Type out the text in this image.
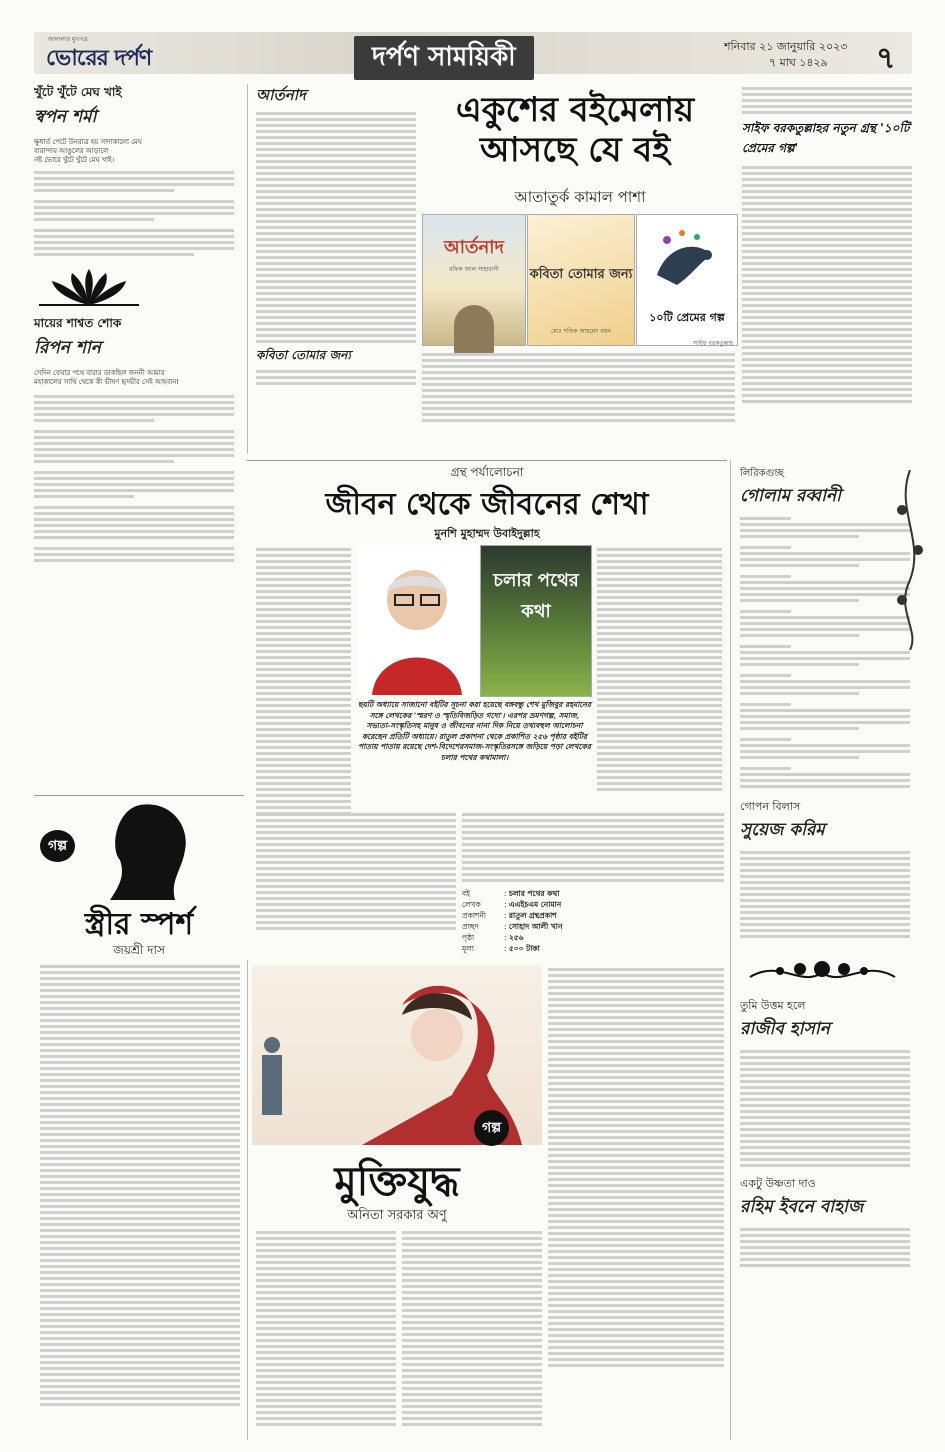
জানালার মুখপত্র
ভোরের দর্পণ	দর্পণ সাময়িকী	শনিবার ২১ জানুয়ারি ২০২৩
৭ মাঘ ১৪২৯ ৭
খুঁটে খুঁটে মেঘ খাই
স্বপন শর্মা
ক্ষুধার্ত পেটে উনরাত্র হয় সাদাকালো মেঘ
বারান্দায় আঙুলের আড়ালে
নষ্ট ভোরে খুঁটে খুঁটে মেঘ খাই।
মায়ের শাশ্বত শোক
রিপন শান
সেদিন ফেরার পথে বাবার ডাকছিল জননী আমার
মহাকালের সাথি থেকে কী ভীষণ হৃদয়ীর সেই আহবান!
আর্তনাদ
কবিতা তোমার জন্য
একুশের বইমেলায়
আসছে যে বই
আতাতুর্ক কামাল পাশা
আর্তনাদ
রফিক আল সাহারানী	কবিতা তোমার জন্য
মোঃ শফিক আহমেদ নয়ন
১০টি প্রেমের গল্প
সাইফ বরকতুল্লাহ
সাইফ বরকতুল্লাহর নতুন গ্রন্থ '১০টি প্রেমের গল্প'
গ্রন্থ পর্যালোচনা
জীবন থেকে জীবনের শেখা
মুনশি মুহাম্মদ উবাইদুল্লাহ
চলার পথের কথা
ছয়টি অধ্যায়ে সাজানো বইটির সূচনা করা হয়েছে বঙ্গবন্ধু শেখ মুজিবুর রহমানের সঙ্গে লেখকের 'স্মরণ ও স্মৃতিবিজড়িত গদ্যে'। এরপর ভ্রমণগল্প, সমাজ, সভ্যতা-সংস্কৃতিসহ মানুষ ও জীবনের নানা দিক নিয়ে তথ্যবহুল আলোচনা করেছেন প্রতিটি অধ্যায়ে। রাতুল প্রকাশনা থেকে প্রকাশিত ২৫৬ পৃষ্ঠার বইটির পাতায় পাতায় রয়েছে দেশ-বিদেশেরসমাজ-সংস্কৃতিরসঙ্গে জড়িয়ে পড়া লেখকের চলার পথের কথামালা।
বই	: চলার পথের কথা
লেখক	: এএইচএম নোমান
প্রকাশনী : রাতুল গ্রন্থপ্রকাশ
প্রচ্ছদ	: সোহাদ আলী খান
পৃষ্ঠা	: ২৫৬
মূল্য	: ৫০০ টাকা
লিরিকগুচ্ছ
গোলাম রব্বানী
গোপন বিলাস
সুয়েজ করিম
তুমি উত্তম হলে
রাজীব হাসান
একটু উষ্ণতা দাও
রহিম ইবনে বাহাজ
গল্প
স্ত্রীর স্পর্শ
জয়শ্রী দাস
গল্প
মুক্তিযুদ্ধ
অনিতা সরকার অণু
